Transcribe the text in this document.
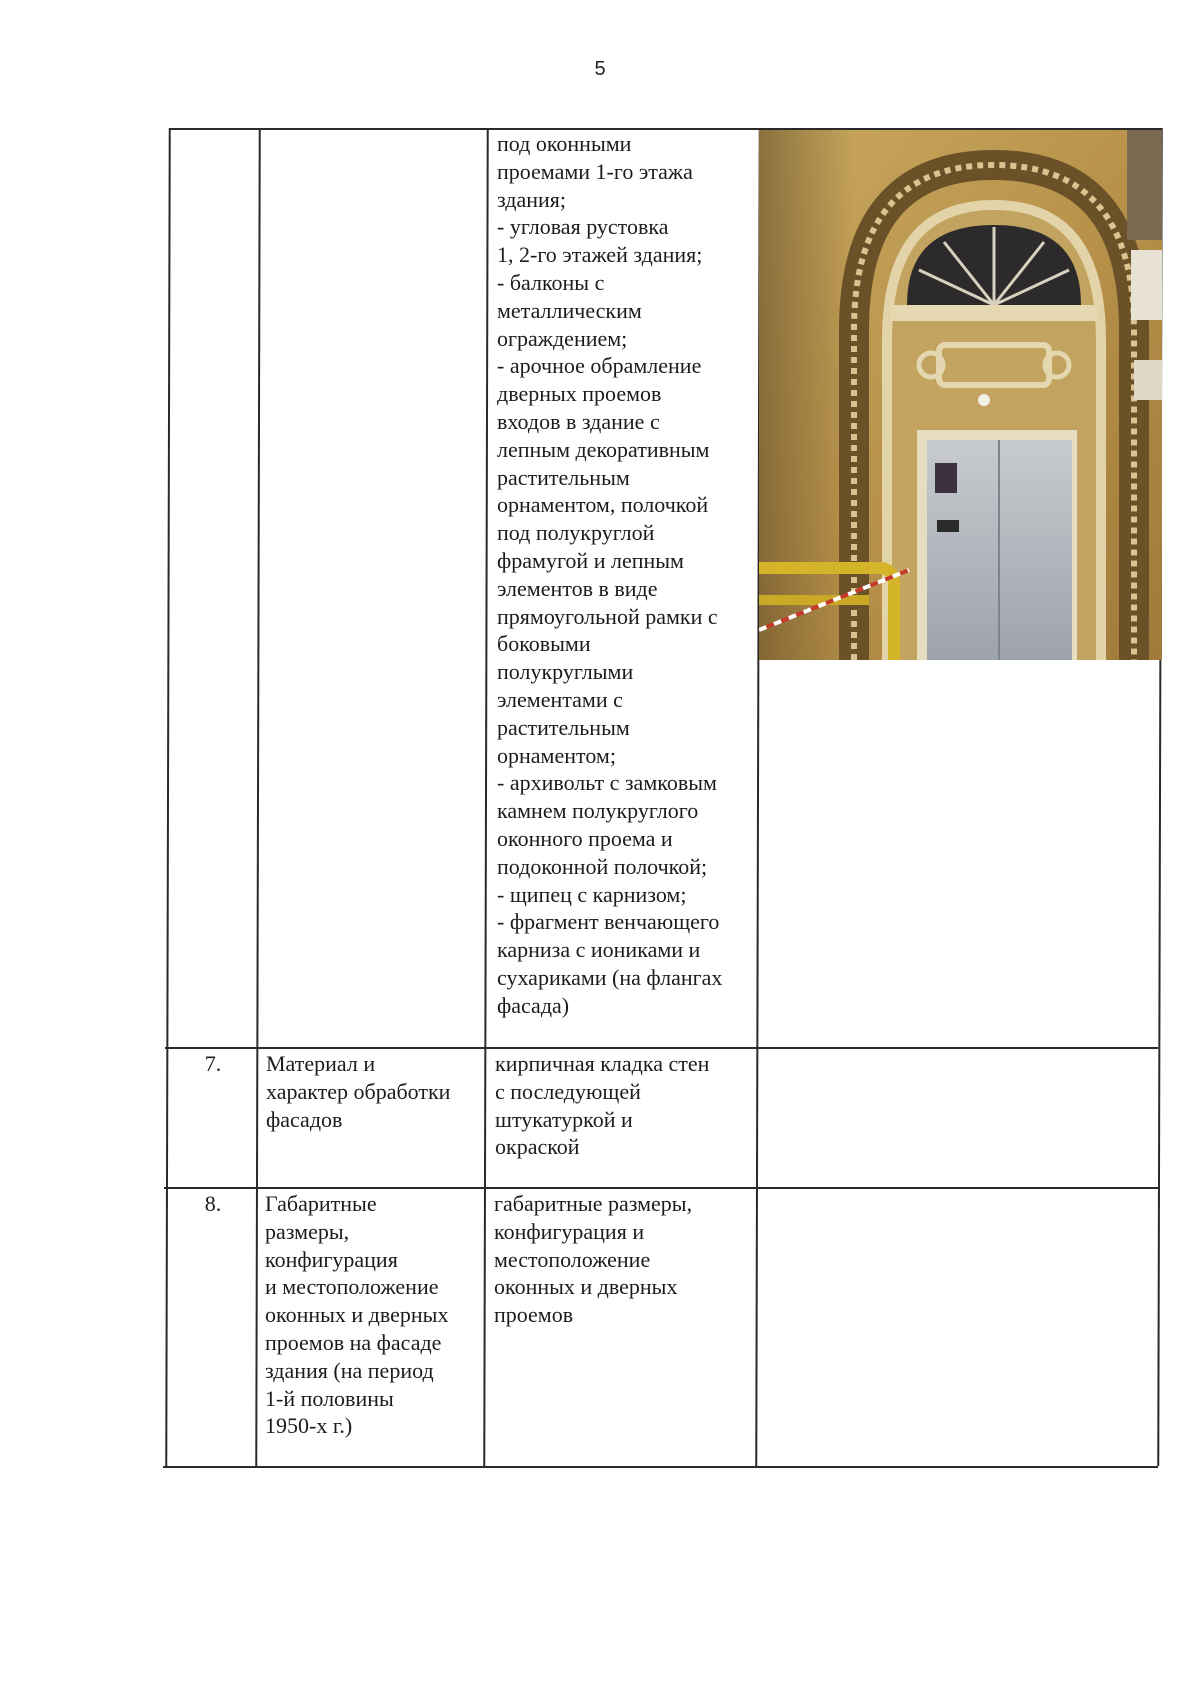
5
под оконными
проемами 1-го этажа
здания;
- угловая рустовка
1, 2-го этажей здания;
- балконы с
металлическим
ограждением;
- арочное обрамление
дверных проемов
входов в здание с
лепным декоративным
растительным
орнаментом, полочкой
под полукруглой
фрамугой и лепным
элементов в виде
прямоугольной рамки с
боковыми
полукруглыми
элементами с
растительным
орнаментом;
- архивольт с замковым
камнем полукруглого
оконного проема и
подоконной полочкой;
- щипец с карнизом;
- фрагмент венчающего
карниза с иониками и
сухариками (на флангах
фасада)
7.	Материал и
характер обработки
фасадов
кирпичная кладка стен
с последующей
штукатуркой и
окраской
8.	Габаритные
размеры,
конфигурация
и местоположение
оконных и дверных
проемов на фасаде
здания (на период
1-й половины
1950-х г.)
габаритные размеры,
конфигурация и
местоположение
оконных и дверных
проемов
